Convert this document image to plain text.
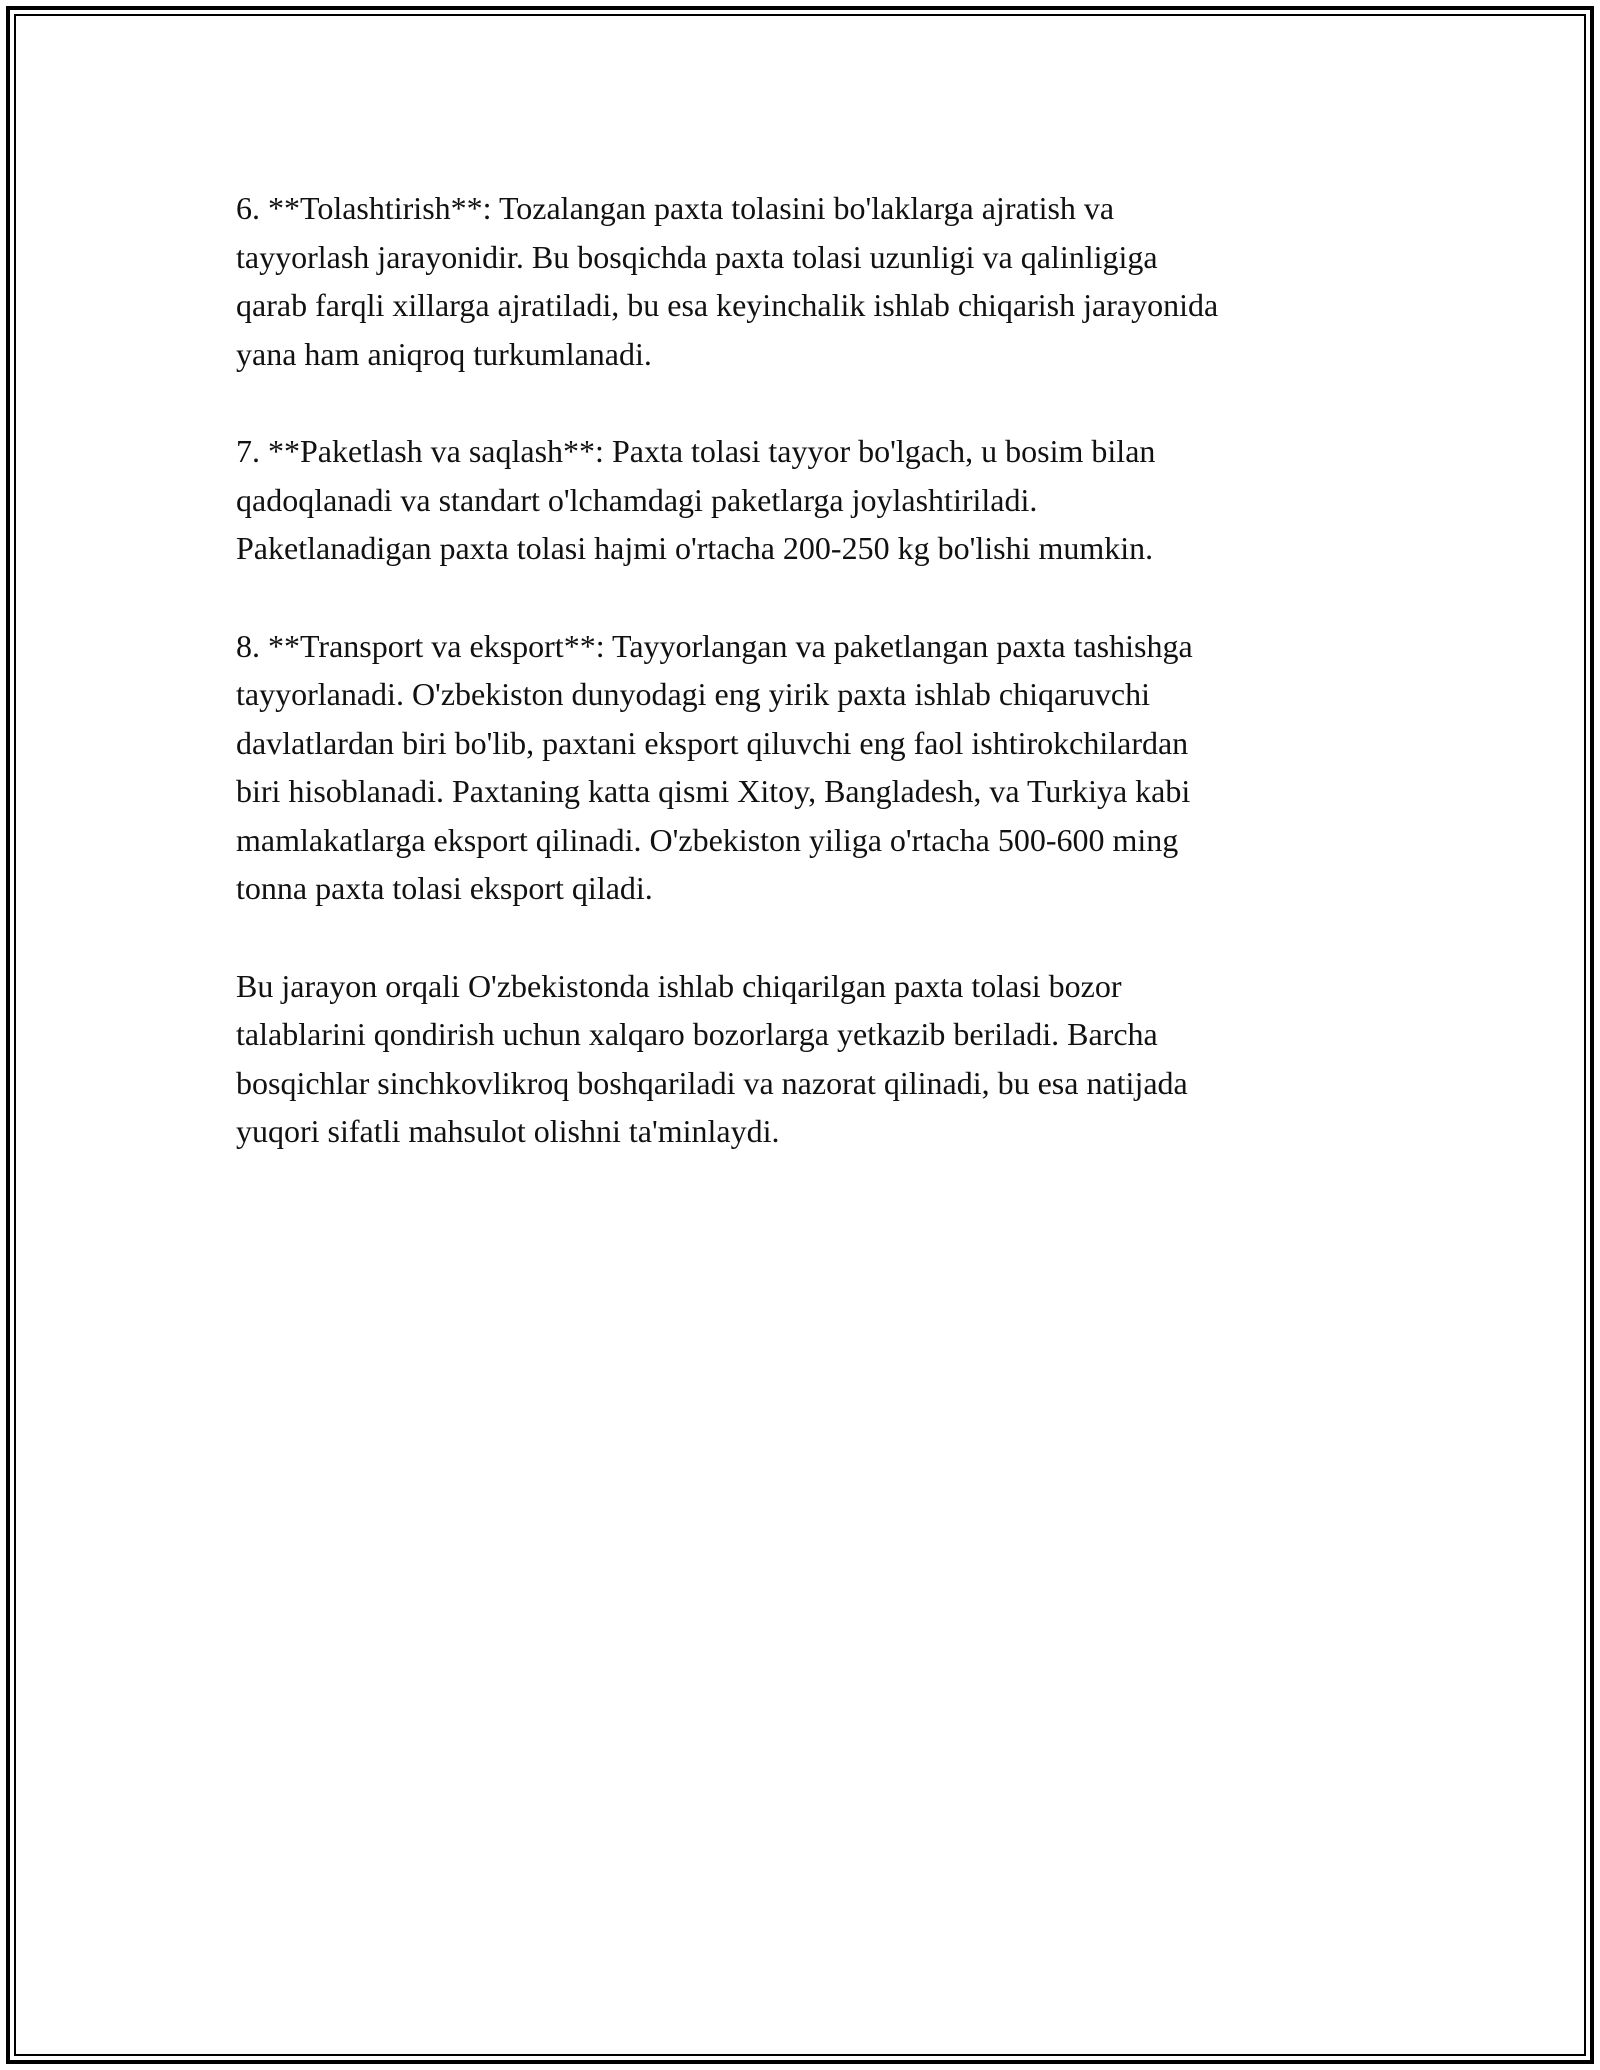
6. **Tolashtirish**: Tozalangan paxta tolasini bo'laklarga ajratish va
tayyorlash jarayonidir. Bu bosqichda paxta tolasi uzunligi va qalinligiga
qarab farqli xillarga ajratiladi, bu esa keyinchalik ishlab chiqarish jarayonida
yana ham aniqroq turkumlanadi.

7. **Paketlash va saqlash**: Paxta tolasi tayyor bo'lgach, u bosim bilan
qadoqlanadi va standart o'lchamdagi paketlarga joylashtiriladi.
Paketlanadigan paxta tolasi hajmi o'rtacha 200-250 kg bo'lishi mumkin.

8. **Transport va eksport**: Tayyorlangan va paketlangan paxta tashishga
tayyorlanadi. O'zbekiston dunyodagi eng yirik paxta ishlab chiqaruvchi
davlatlardan biri bo'lib, paxtani eksport qiluvchi eng faol ishtirokchilardan
biri hisoblanadi. Paxtaning katta qismi Xitoy, Bangladesh, va Turkiya kabi
mamlakatlarga eksport qilinadi. O'zbekiston yiliga o'rtacha 500-600 ming
tonna paxta tolasi eksport qiladi.

Bu jarayon orqali O'zbekistonda ishlab chiqarilgan paxta tolasi bozor
talablarini qondirish uchun xalqaro bozorlarga yetkazib beriladi. Barcha
bosqichlar sinchkovlikroq boshqariladi va nazorat qilinadi, bu esa natijada
yuqori sifatli mahsulot olishni ta'minlaydi.
